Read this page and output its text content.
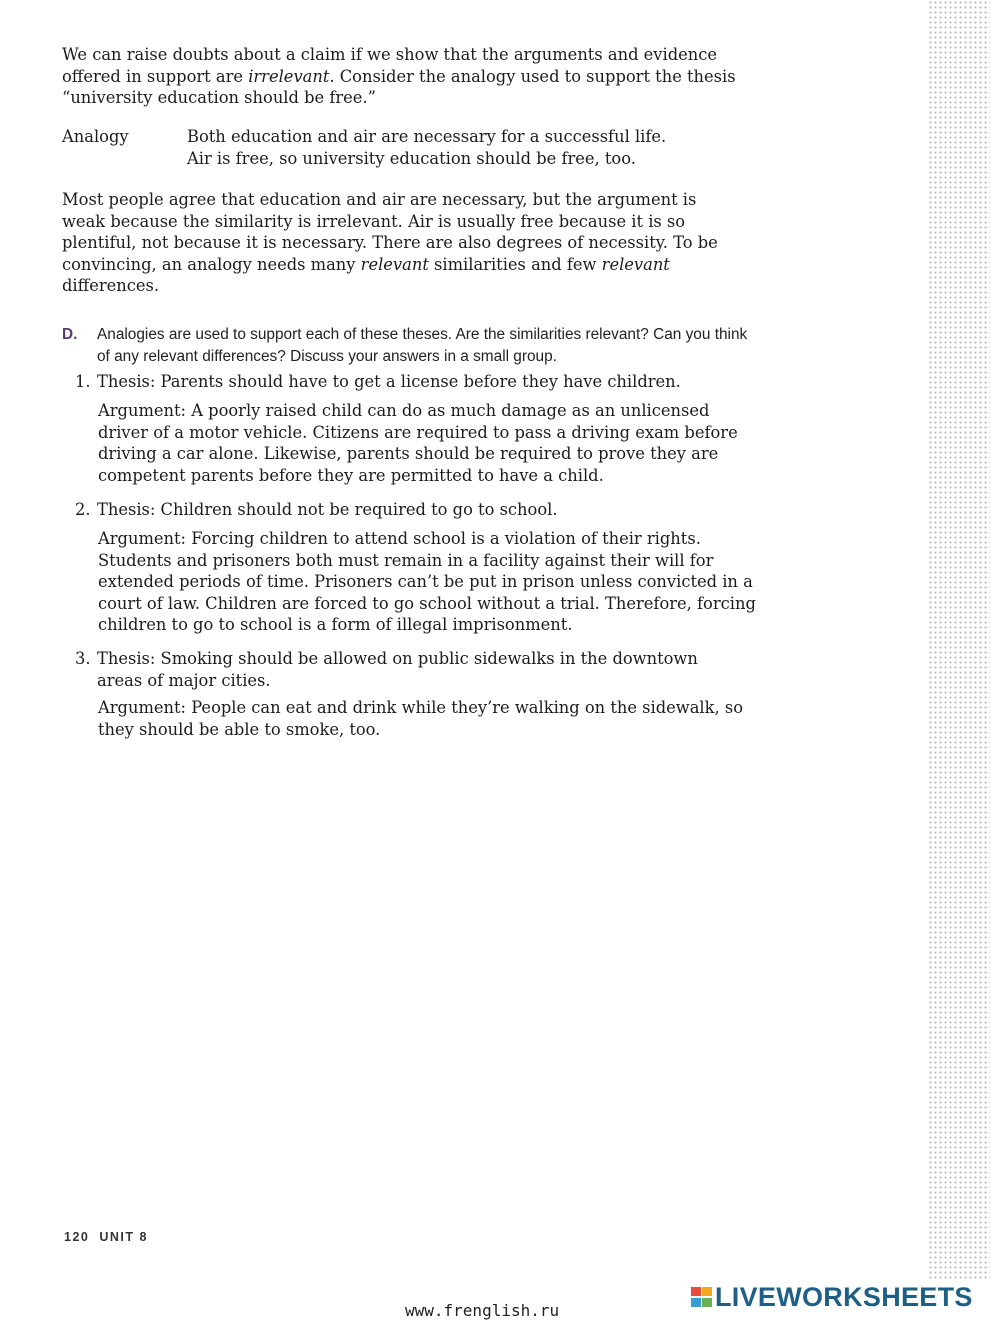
We can raise doubts about a claim if we show that the arguments and evidence offered in support are irrelevant. Consider the analogy used to support the thesis “university education should be free.”

Analogy	Both education and air are necessary for a successful life.
Air is free, so university education should be free, too.

Most people agree that education and air are necessary, but the argument is weak because the similarity is irrelevant. Air is usually free because it is so plentiful, not because it is necessary. There are also degrees of necessity. To be convincing, an analogy needs many relevant similarities and few relevant differences.

D. Analogies are used to support each of these theses. Are the similarities relevant? Can you think of any relevant differences? Discuss your answers in a small group.
1. Thesis: Parents should have to get a license before they have children.

Argument: A poorly raised child can do as much damage as an unlicensed driver of a motor vehicle. Citizens are required to pass a driving exam before driving a car alone. Likewise, parents should be required to prove they are competent parents before they are permitted to have a child.

2. Thesis: Children should not be required to go to school.

Argument: Forcing children to attend school is a violation of their rights. Students and prisoners both must remain in a facility against their will for extended periods of time. Prisoners can’t be put in prison unless convicted in a court of law. Children are forced to go school without a trial. Therefore, forcing children to go to school is a form of illegal imprisonment.

3. Thesis: Smoking should be allowed on public sidewalks in the downtown areas of major cities.

Argument: People can eat and drink while they’re walking on the sidewalk, so they should be able to smoke, too.

120 UNIT 8
www.frenglish.ru	LIVEWORKSHEETS
